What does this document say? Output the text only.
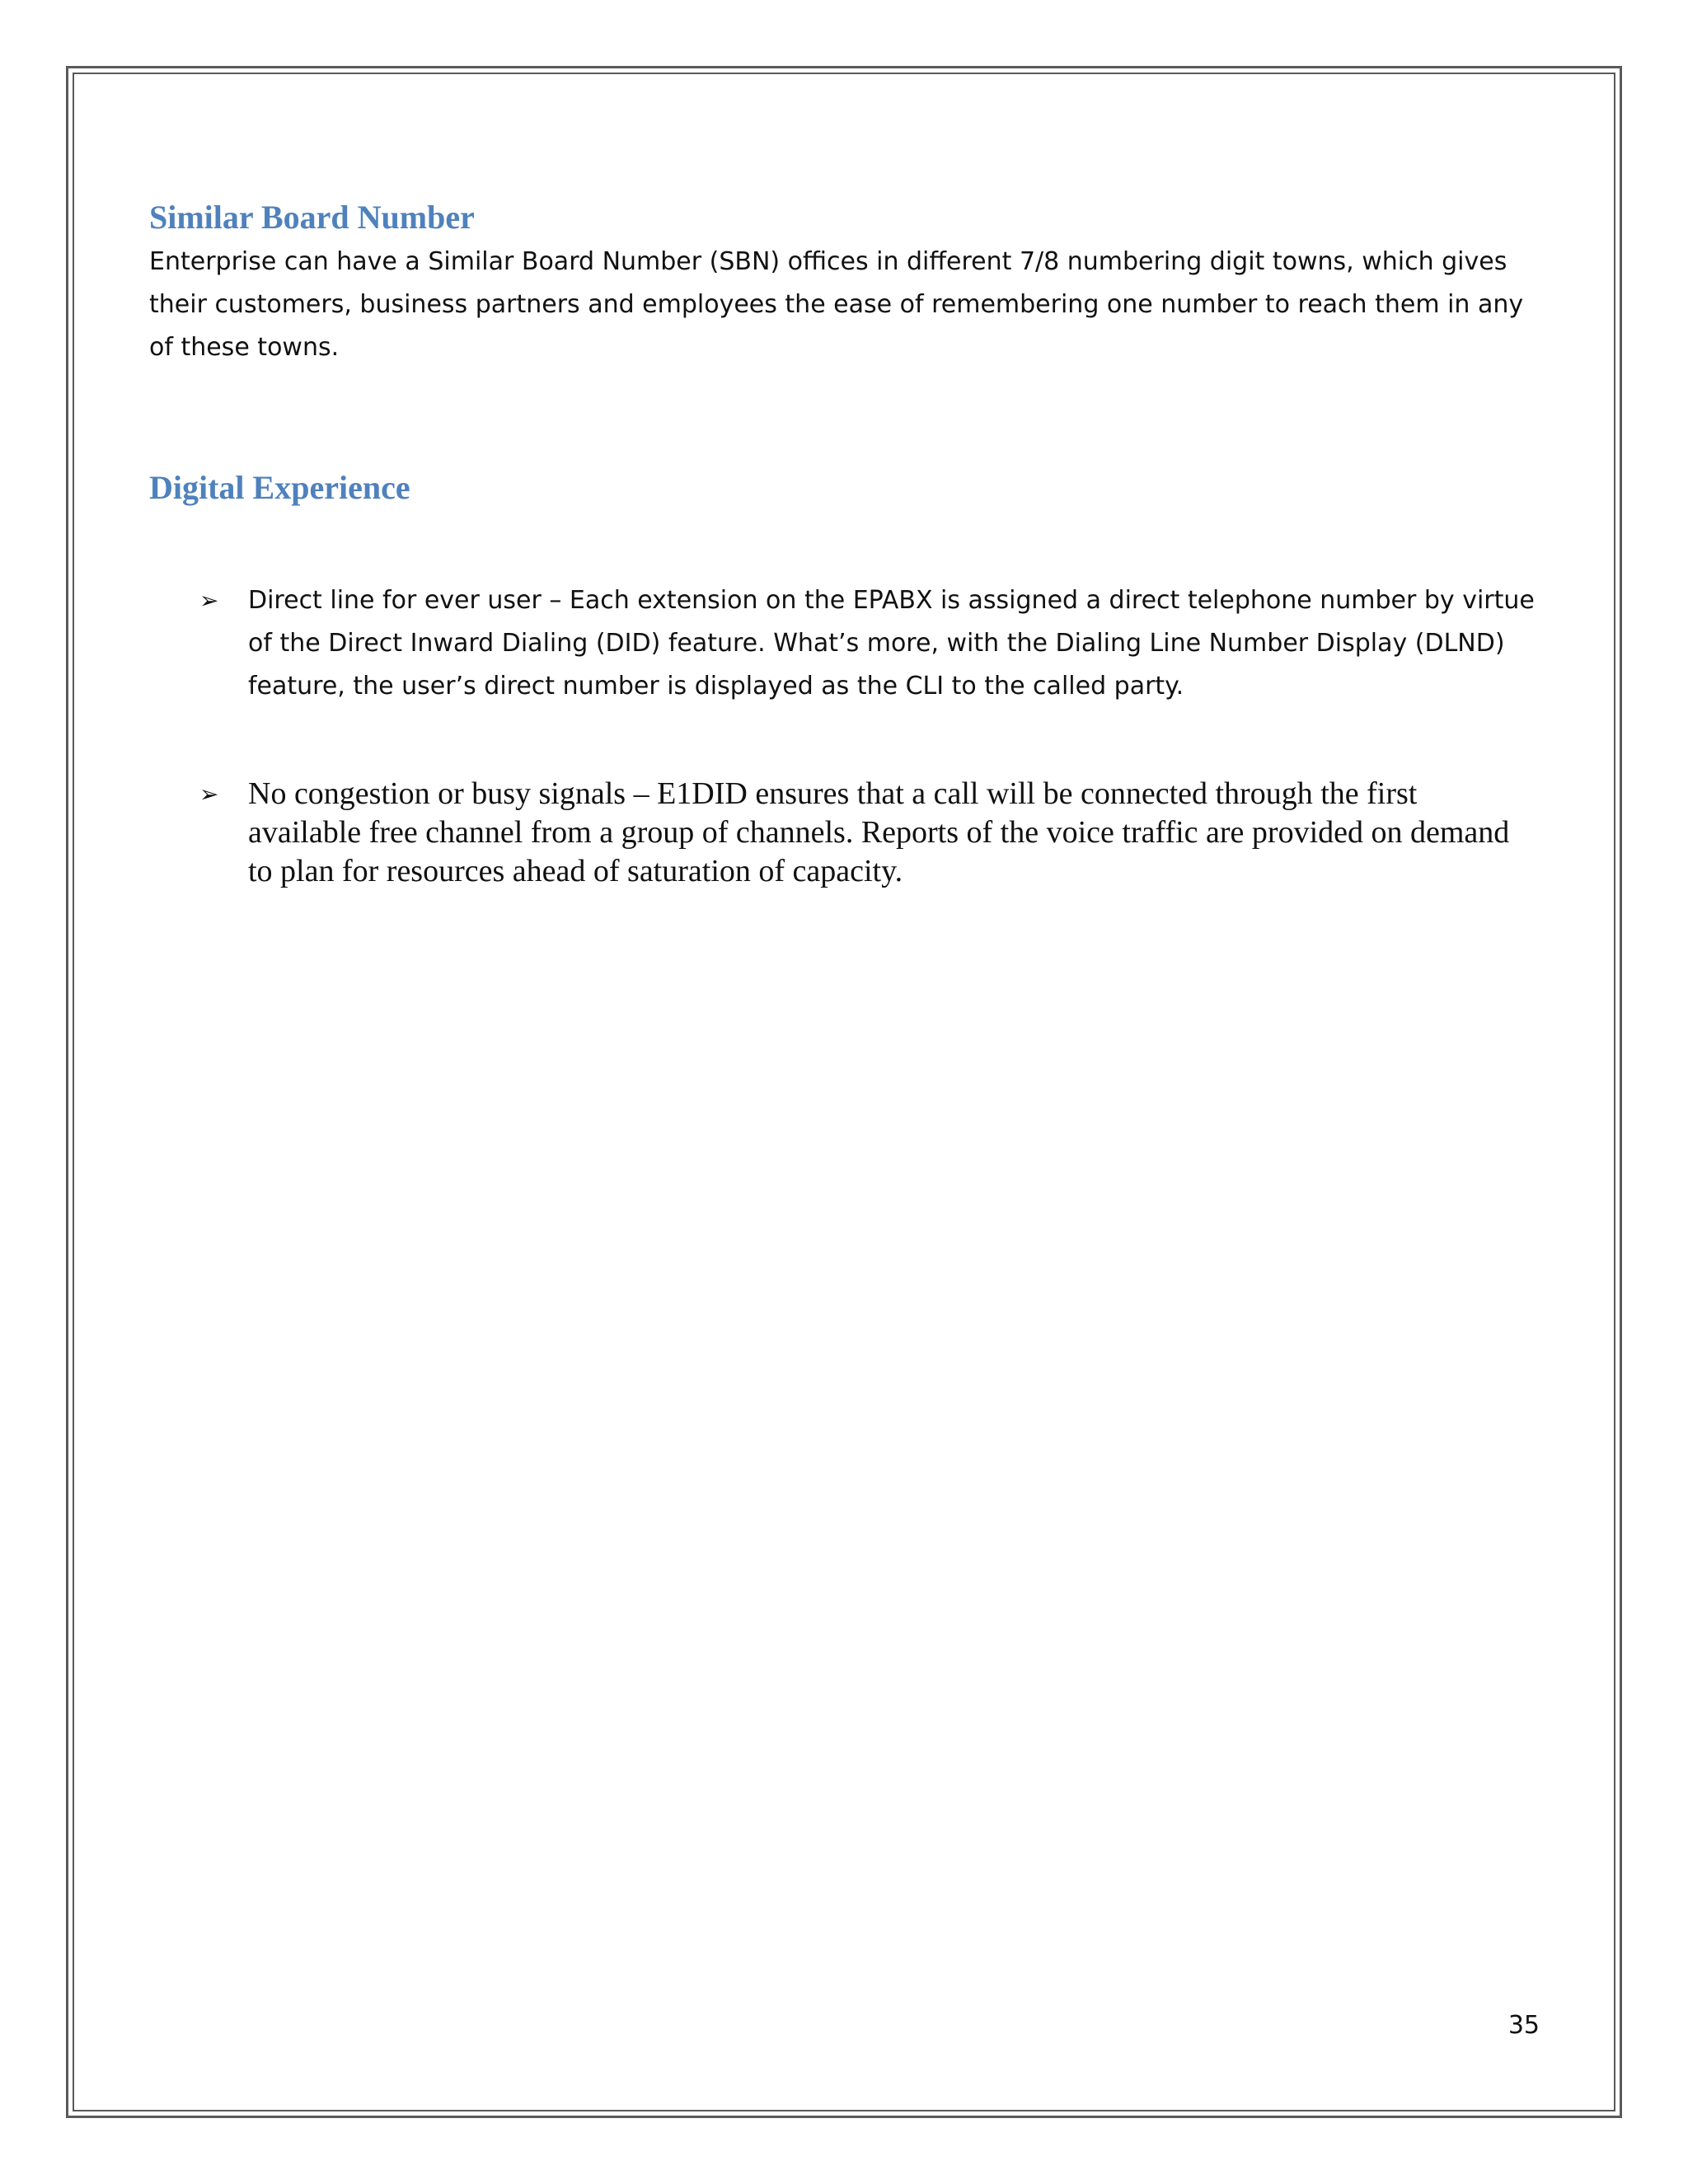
Similar Board Number

Enterprise can have a Similar Board Number (SBN) offices in different 7/8 numbering digit towns, which gives their customers, business partners and employees the ease of remembering one number to reach them in any of these towns.

Digital Experience
➢	Direct line for ever user – Each extension on the EPABX is assigned a direct telephone number by virtue of the Direct Inward Dialing (DID) feature. What’s more, with the Dialing Line Number Display (DLND) feature, the user’s direct number is displayed as the CLI to the called party.

➢ No congestion or busy signals – E1DID ensures that a call will be connected through the first available free channel from a group of channels. Reports of the voice traffic are provided on demand to plan for resources ahead of saturation of capacity.

35
